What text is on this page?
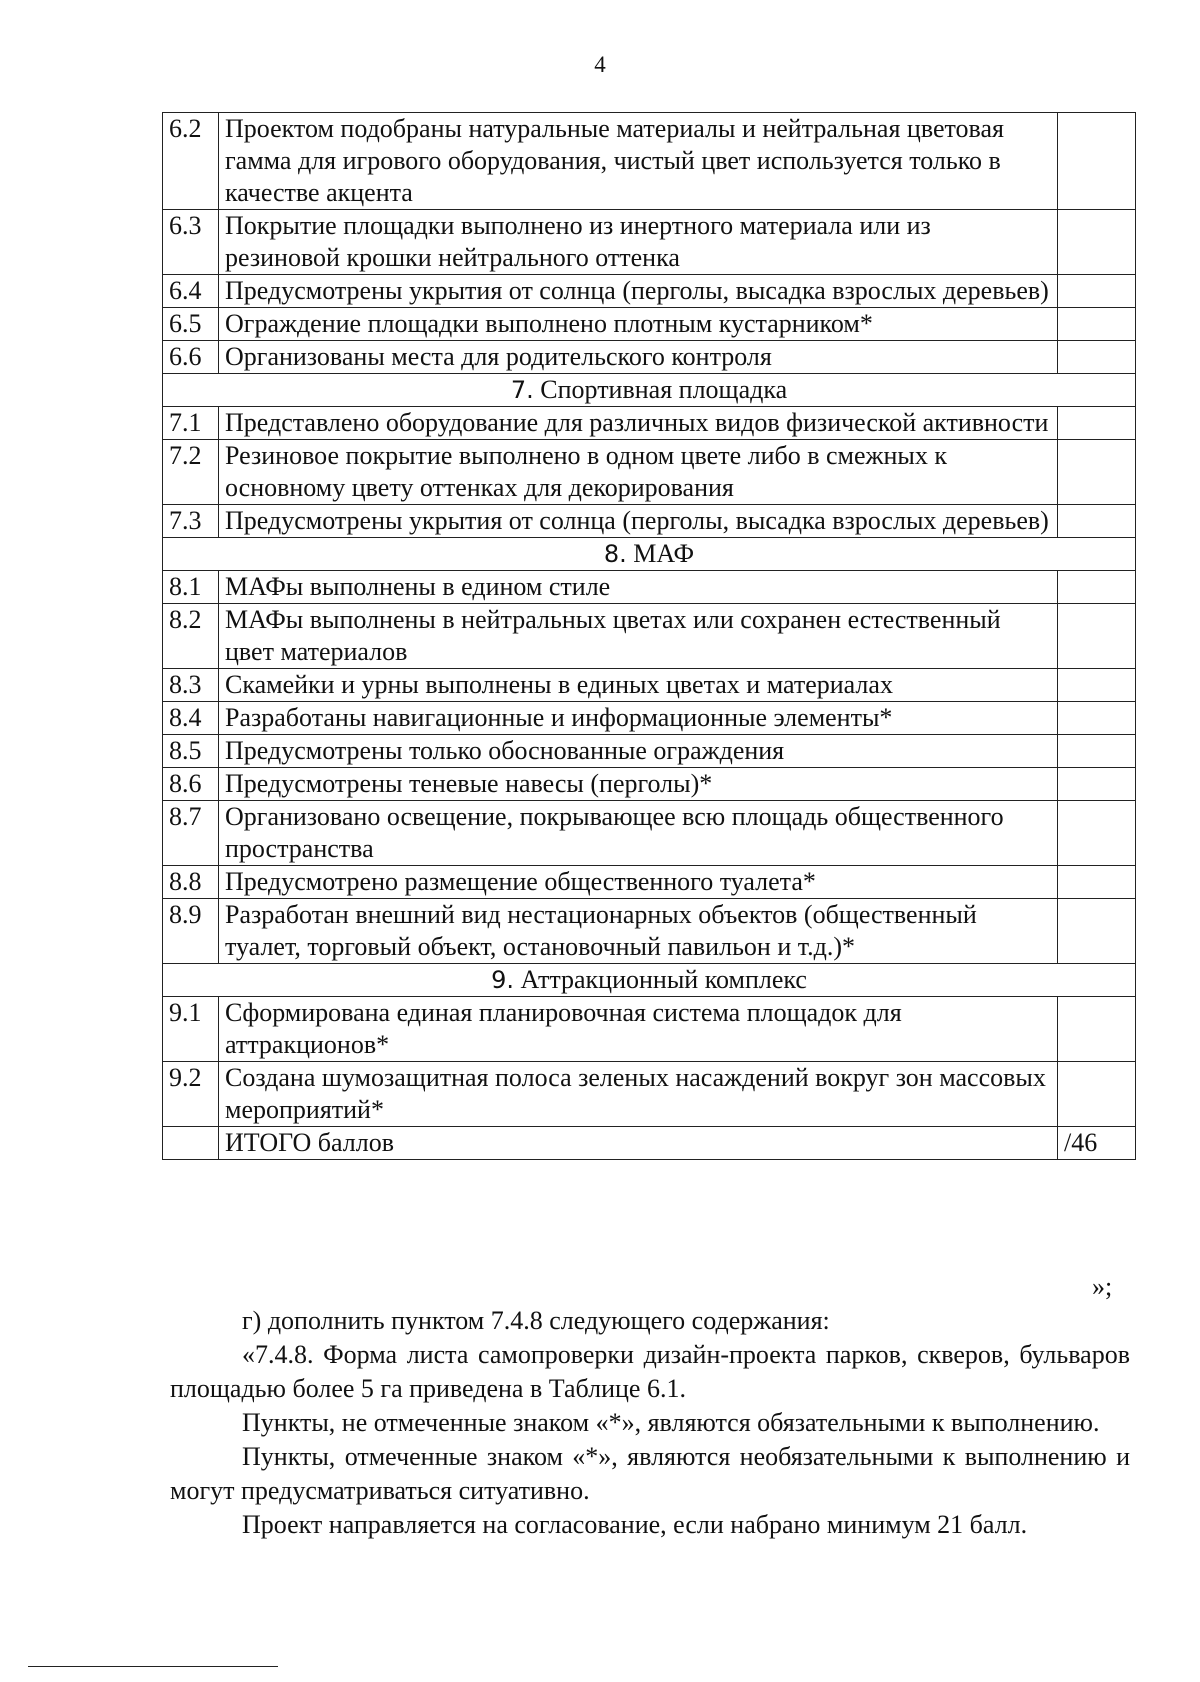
4
6.2	Проектом подобраны натуральные материалы и нейтральная цветовая гамма для игрового оборудования, чистый цвет используется только в качестве акцента	
6.3	Покрытие площадки выполнено из инертного материала или из резиновой крошки нейтрального оттенка	
6.4	Предусмотрены укрытия от солнца (перголы, высадка взрослых деревьев)	
6.5	Ограждение площадки выполнено плотным кустарником*	
6.6	Организованы места для родительского контроля	
7. Спортивная площадка		
7.1	Представлено оборудование для различных видов физической активности	
7.2	Резиновое покрытие выполнено в одном цвете либо в смежных к основному цвету оттенках для декорирования	
7.3	Предусмотрены укрытия от солнца (перголы, высадка взрослых деревьев)	
8. МАФ		
8.1	МАФы выполнены в едином стиле	
8.2	МАФы выполнены в нейтральных цветах или сохранен естественный цвет материалов	
8.3	Скамейки и урны выполнены в единых цветах и материалах	
8.4	Разработаны навигационные и информационные элементы*	
8.5	Предусмотрены только обоснованные ограждения	
8.6	Предусмотрены теневые навесы (перголы)*	
8.7	Организовано освещение, покрывающее всю площадь общественного пространства	
8.8	Предусмотрено размещение общественного туалета*	
8.9	Разработан внешний вид нестационарных объектов (общественный туалет, торговый объект, остановочный павильон и т.д.)*	
9. Аттракционный комплекс		
9.1	Сформирована единая планировочная система площадок для аттракционов*	
9.2	Создана шумозащитная полоса зеленых насаждений вокруг зон массовых мероприятий*	
	ИТОГО баллов	/46
»;

г) дополнить пунктом 7.4.8 следующего содержания:

«7.4.8. Форма листа самопроверки дизайн-проекта парков, скверов, бульваров площадью более 5 га приведена в Таблице 6.1.

Пункты, не отмеченные знаком «*», являются обязательными к выполнению.

Пункты, отмеченные знаком «*», являются необязательными к выполнению и могут предусматриваться ситуативно.

Проект направляется на согласование, если набрано минимум 21 балл.
